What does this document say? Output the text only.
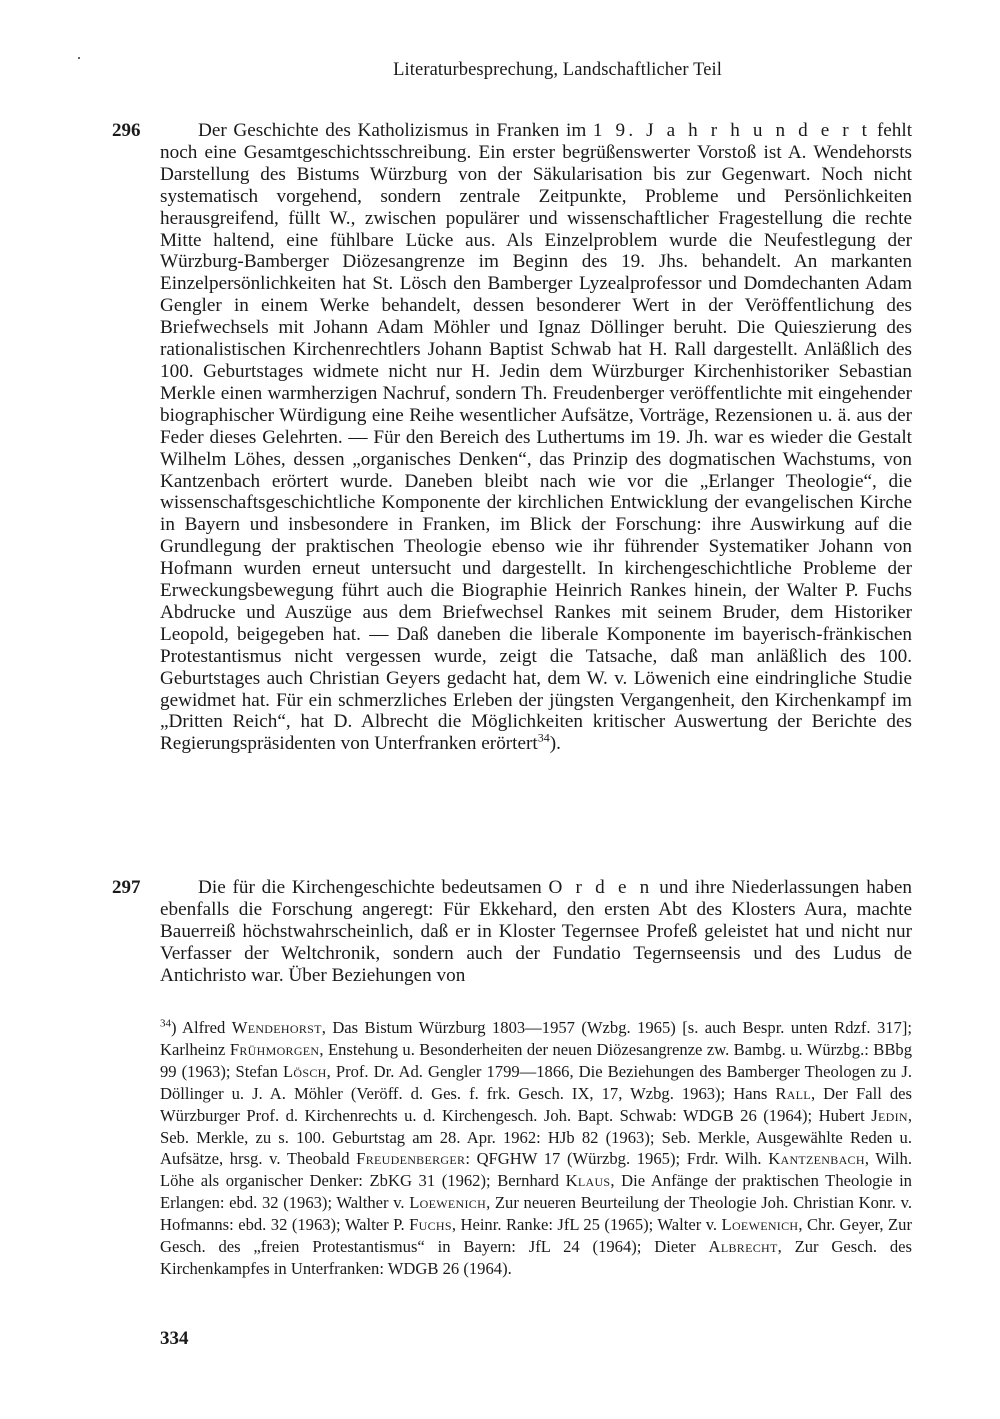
Literaturbesprechung, Landschaftlicher Teil
296	Der Geschichte des Katholizismus in Franken im 1 9. J a h r h u n d e r t fehlt noch eine Gesamtgeschichtsschreibung. Ein erster begrüßenswerter Vorstoß ist A. Wendehorsts Darstellung des Bistums Würzburg von der Säkularisation bis zur Gegenwart. Noch nicht systematisch vorgehend, sondern zentrale Zeitpunkte, Probleme und Persönlichkeiten herausgreifend, füllt W., zwischen populärer und wissenschaftlicher Fragestellung die rechte Mitte haltend, eine fühlbare Lücke aus. Als Einzelproblem wurde die Neufestlegung der Würzburg-Bamberger Diözesangrenze im Beginn des 19. Jhs. behandelt. An markanten Einzelpersönlichkeiten hat St. Lösch den Bamberger Lyzealprofessor und Domdechanten Adam Gengler in einem Werke behandelt, dessen besonderer Wert in der Veröffentlichung des Briefwechsels mit Johann Adam Möhler und Ignaz Döllinger beruht. Die Quieszierung des rationalistischen Kirchenrechtlers Johann Baptist Schwab hat H. Rall dargestellt. Anläßlich des 100. Geburtstages widmete nicht nur H. Jedin dem Würzburger Kirchenhistoriker Sebastian Merkle einen warmherzigen Nachruf, sondern Th. Freudenberger veröffentlichte mit eingehender biographischer Würdigung eine Reihe wesentlicher Aufsätze, Vorträge, Rezensionen u. ä. aus der Feder dieses Gelehrten. — Für den Bereich des Luthertums im 19. Jh. war es wieder die Gestalt Wilhelm Löhes, dessen „organisches Denken“, das Prinzip des dogmatischen Wachstums, von Kantzenbach erörtert wurde. Daneben bleibt nach wie vor die „Erlanger Theologie“, die wissenschaftsgeschichtliche Komponente der kirchlichen Entwicklung der evangelischen Kirche in Bayern und insbesondere in Franken, im Blick der Forschung: ihre Auswirkung auf die Grundlegung der praktischen Theologie ebenso wie ihr führender Systematiker Johann von Hofmann wurden erneut untersucht und dargestellt. In kirchengeschichtliche Probleme der Erweckungsbewegung führt auch die Biographie Heinrich Rankes hinein, der Walter P. Fuchs Abdrucke und Auszüge aus dem Briefwechsel Rankes mit seinem Bruder, dem Historiker Leopold, beigegeben hat. — Daß daneben die liberale Komponente im bayerisch-fränkischen Protestantismus nicht vergessen wurde, zeigt die Tatsache, daß man anläßlich des 100. Geburtstages auch Christian Geyers gedacht hat, dem W. v. Löwenich eine eindringliche Studie gewidmet hat. Für ein schmerzliches Erleben der jüngsten Vergangenheit, den Kirchenkampf im „Dritten Reich“, hat D. Albrecht die Möglichkeiten kritischer Auswertung der Berichte des Regierungspräsidenten von Unterfranken erörtert$^{34}$).

297	Die für die Kirchengeschichte bedeutsamen O r d e n und ihre Niederlassungen haben ebenfalls die Forschung angeregt: Für Ekkehard, den ersten Abt des Klosters Aura, machte Bauerreiß höchstwahrscheinlich, daß er in Kloster Tegernsee Profeß geleistet hat und nicht nur Verfasser der Weltchronik, sondern auch der Fundatio Tegernseensis und des Ludus de Antichristo war. Über Beziehungen von

$^{34}$) Alfred Wendehorst, Das Bistum Würzburg 1803—1957 (Wzbg. 1965) [s. auch Bespr. unten Rdzf. 317]; Karlheinz Frühmorgen, Enstehung u. Besonderheiten der neuen Diözesangrenze zw. Bambg. u. Würzbg.: BBbg 99 (1963); Stefan Lösch, Prof. Dr. Ad. Gengler 1799—1866, Die Beziehungen des Bamberger Theologen zu J. Döllinger u. J. A. Möhler (Veröff. d. Ges. f. frk. Gesch. IX, 17, Wzbg. 1963); Hans Rall, Der Fall des Würzburger Prof. d. Kirchenrechts u. d. Kirchengesch. Joh. Bapt. Schwab: WDGB 26 (1964); Hubert Jedin, Seb. Merkle, zu s. 100. Geburtstag am 28. Apr. 1962: HJb 82 (1963); Seb. Merkle, Ausgewählte Reden u. Aufsätze, hrsg. v. Theobald Freudenberger: QFGHW 17 (Würzbg. 1965); Frdr. Wilh. Kantzenbach, Wilh. Löhe als organischer Denker: ZbKG 31 (1962); Bernhard Klaus, Die Anfänge der praktischen Theologie in Erlangen: ebd. 32 (1963); Walther v. Loewenich, Zur neueren Beurteilung der Theologie Joh. Christian Konr. v. Hofmanns: ebd. 32 (1963); Walter P. Fuchs, Heinr. Ranke: JfL 25 (1965); Walter v. Loewenich, Chr. Geyer, Zur Gesch. des „freien Protestantismus“ in Bayern: JfL 24 (1964); Dieter Albrecht, Zur Gesch. des Kirchenkampfes in Unterfranken: WDGB 26 (1964).

334
